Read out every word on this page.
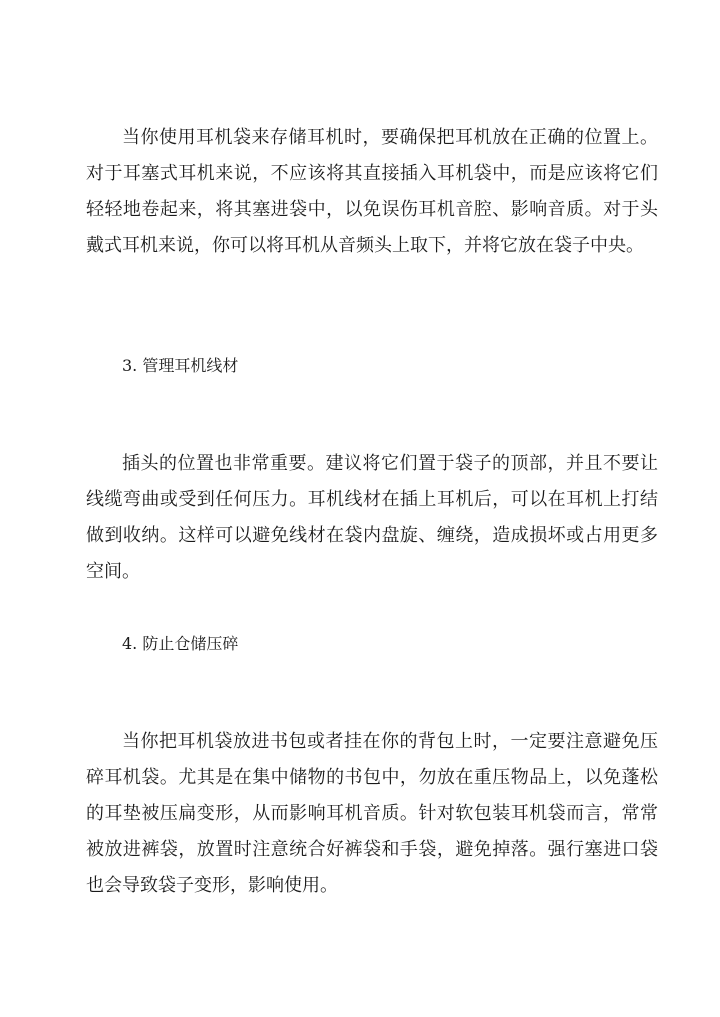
当你使用耳机袋来存储耳机时，要确保把耳机放在正确的位置上。对于耳塞式耳机来说，不应该将其直接插入耳机袋中，而是应该将它们轻轻地卷起来，将其塞进袋中，以免误伤耳机音腔、影响音质。对于头戴式耳机来说，你可以将耳机从音频头上取下，并将它放在袋子中央。

3. 管理耳机线材

插头的位置也非常重要。建议将它们置于袋子的顶部，并且不要让线缆弯曲或受到任何压力。耳机线材在插上耳机后，可以在耳机上打结做到收纳。这样可以避免线材在袋内盘旋、缠绕，造成损坏或占用更多空间。

4. 防止仓储压碎

当你把耳机袋放进书包或者挂在你的背包上时，一定要注意避免压碎耳机袋。尤其是在集中储物的书包中，勿放在重压物品上，以免蓬松的耳垫被压扁变形，从而影响耳机音质。针对软包装耳机袋而言，常常被放进裤袋，放置时注意统合好裤袋和手袋，避免掉落。强行塞进口袋也会导致袋子变形，影响使用。
